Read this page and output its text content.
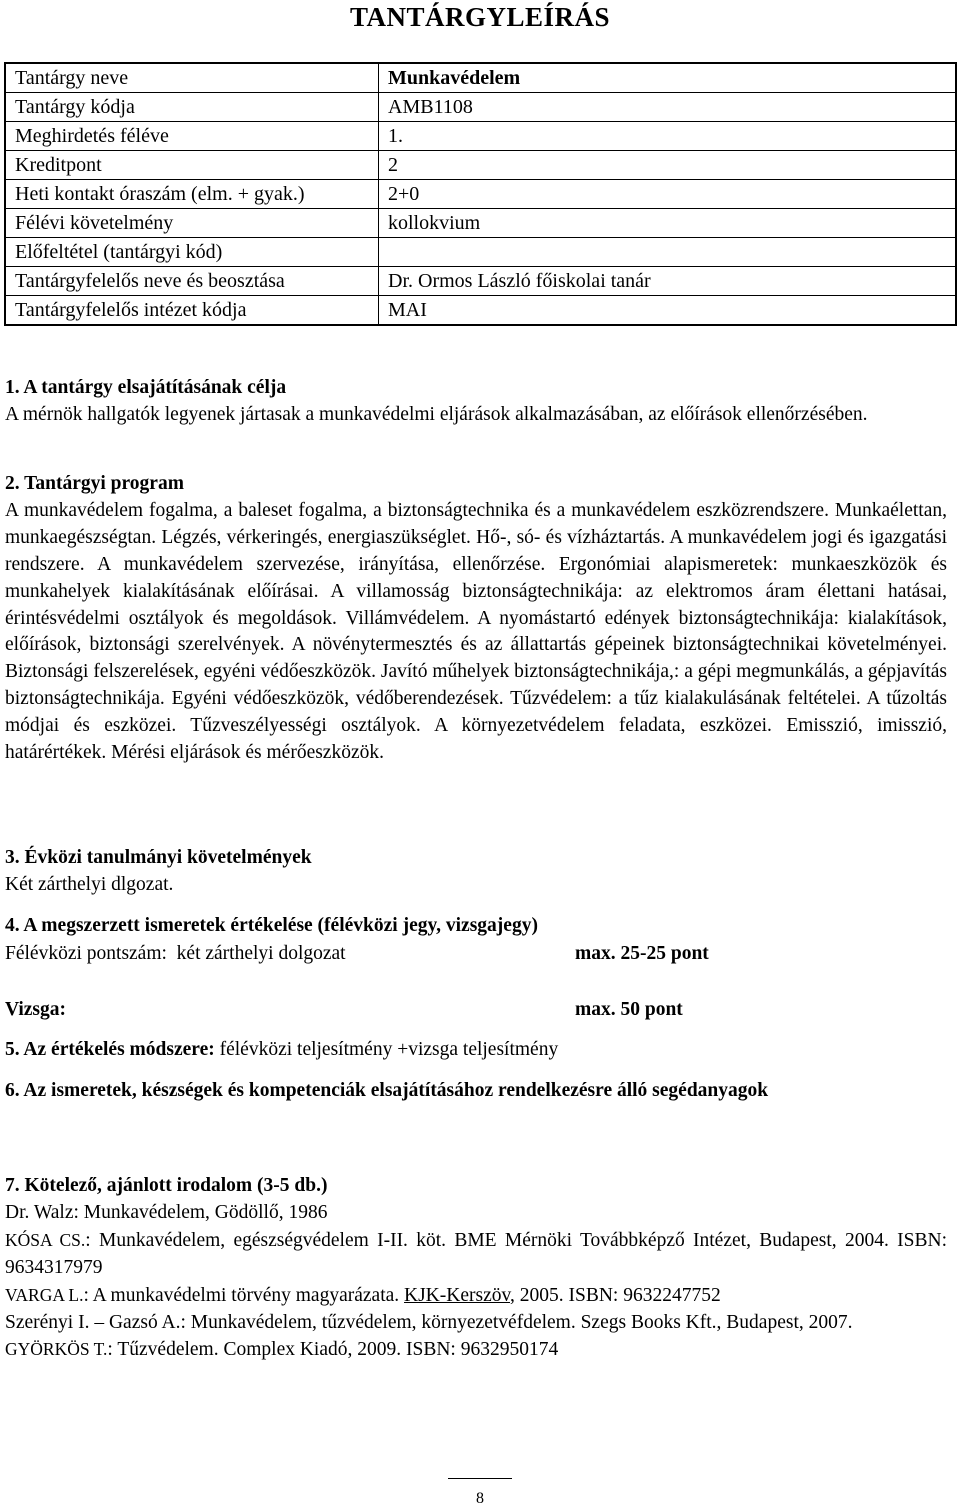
TANTÁRGYLEÍRÁS
Tantárgy neve	Munkavédelem
Tantárgy kódja	AMB1108
Meghirdetés féléve	1.
Kreditpont	2
Heti kontakt óraszám (elm. + gyak.)	2+0
Félévi követelmény	kollokvium
Előfeltétel (tantárgyi kód)	
Tantárgyfelelős neve és beosztása	Dr. Ormos László főiskolai tanár
Tantárgyfelelős intézet kódja	MAI
1. A tantárgy elsajátításának célja
A mérnök hallgatók legyenek jártasak a munkavédelmi eljárások alkalmazásában, az előírások ellenőrzésében.
2. Tantárgyi program
A munkavédelem fogalma, a baleset fogalma, a biztonságtechnika és a munkavédelem eszközrendszere. Munkaélettan, munkaegészségtan. Légzés, vérkeringés, energiaszükséglet. Hő-, só- és vízháztartás. A munkavédelem jogi és igazgatási rendszere. A munkavédelem szervezése, irányítása, ellenőrzése. Ergonómiai alapismeretek: munkaeszközök és munkahelyek kialakításának előírásai. A villamosság biztonságtechnikája: az elektromos áram élettani hatásai, érintésvédelmi osztályok és megoldások. Villámvédelem. A nyomástartó edények biztonságtechnikája: kialakítások, előírások, biztonsági szerelvények. A növénytermesztés és az állattartás gépeinek biztonságtechnikai követelményei. Biztonsági felszerelések, egyéni védőeszközök. Javító műhelyek biztonságtechnikája,: a gépi megmunkálás, a gépjavítás biztonságtechnikája. Egyéni védőeszközök, védőberendezések. Tűzvédelem: a tűz kialakulásának feltételei. A tűzoltás módjai és eszközei. Tűzveszélyességi osztályok. A környezetvédelem feladata, eszközei. Emisszió, imisszió, határértékek. Mérési eljárások és mérőeszközök.
3. Évközi tanulmányi követelmények
Két zárthelyi dlgozat.
4. A megszerzett ismeretek értékelése (félévközi jegy, vizsgajegy)
Félévközi pontszám:  két zárthelyi dolgozat	max. 25-25 pont
Vizsga:	max. 50 pont
5. Az értékelés módszere: félévközi teljesítmény +vizsga teljesítmény
6. Az ismeretek, készségek és kompetenciák elsajátításához rendelkezésre álló segédanyagok
7. Kötelező, ajánlott irodalom (3-5 db.)
Dr. Walz: Munkavédelem, Gödöllő, 1986
KÓSA CS.: Munkavédelem, egészségvédelem I-II. köt. BME Mérnöki Továbbképző Intézet, Budapest, 2004. ISBN: 9634317979
VARGA L.: A munkavédelmi törvény magyarázata. KJK-Kerszöv, 2005. ISBN: 9632247752
Szerényi I. – Gazsó A.: Munkavédelem, tűzvédelem, környezetvéfdelem. Szegs Books Kft., Budapest, 2007.
GYÖRKÖS T.: Tűzvédelem. Complex Kiadó, 2009. ISBN: 9632950174
8
